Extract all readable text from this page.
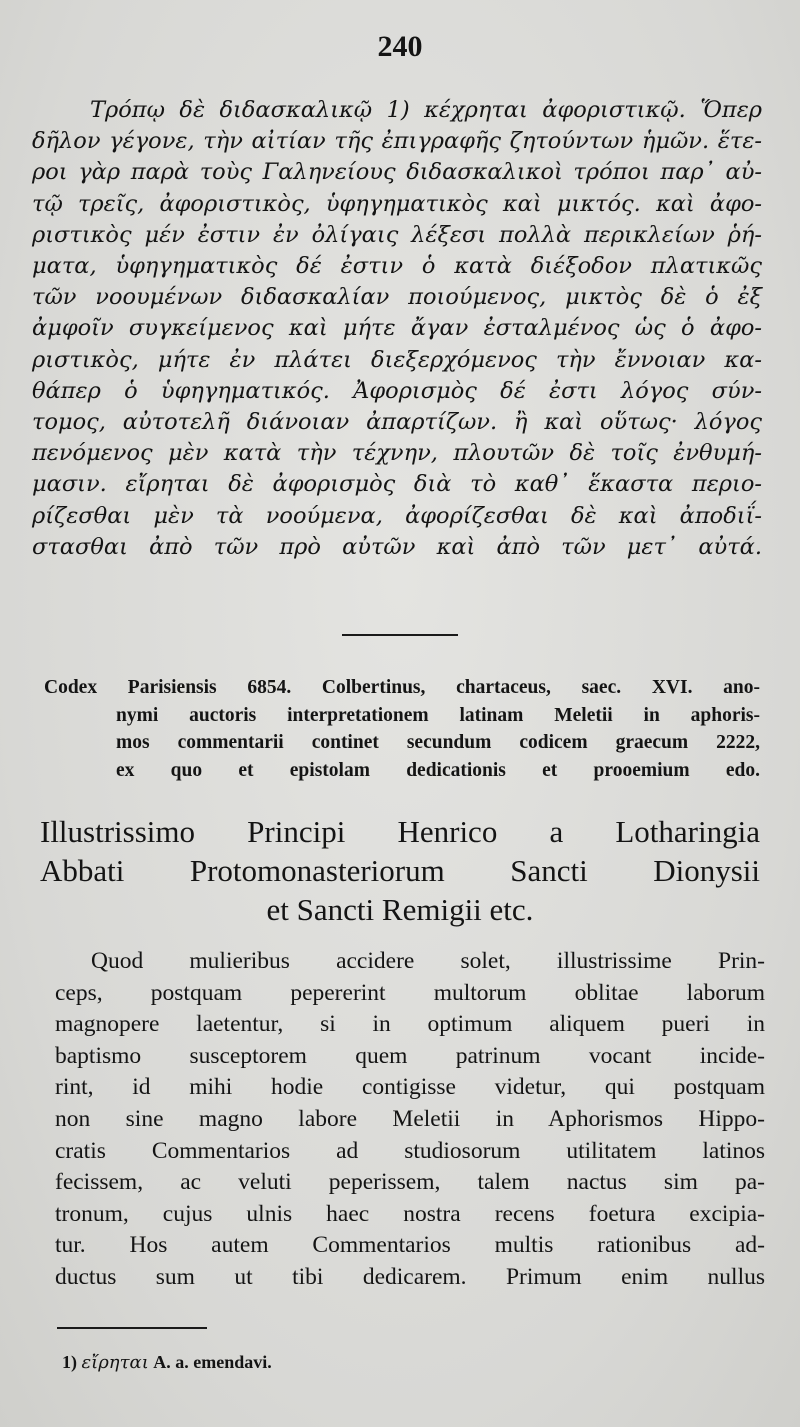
240
Τρόπῳ δὲ διδασκαλικῷ 1) κέχρηται ἀφοριστικῷ. Ὅπερ
δῆλον γέγονε, τὴν αἰτίαν τῆς ἐπιγραφῆς ζητούντων ἡμῶν. ἕτε-
ροι γὰρ παρὰ τοὺς Γαληνείους διδασκαλικοὶ τρόποι παρ᾽ αὐ-
τῷ τρεῖς, ἀφοριστικὸς, ὑφηγηματικὸς καὶ μικτός. καὶ ἀφο-
ριστικὸς μέν ἐστιν ἐν ὀλίγαις λέξεσι πολλὰ περικλείων ῥή-
ματα, ὑφηγηματικὸς δέ ἐστιν ὁ κατὰ διέξοδον πλατικῶς
τῶν νοουμένων διδασκαλίαν ποιούμενος, μικτὸς δὲ ὁ ἐξ
ἀμφοῖν συγκείμενος καὶ μήτε ἄγαν ἐσταλμένος ὡς ὁ ἀφο-
ριστικὸς, μήτε ἐν πλάτει διεξερχόμενος τὴν ἔννοιαν κα-
θάπερ ὁ ὑφηγηματικός. Ἀφορισμὸς δέ ἐστι λόγος σύν-
τομος, αὐτοτελῆ διάνοιαν ἀπαρτίζων. ἢ καὶ οὕτως· λόγος
πενόμενος μὲν κατὰ τὴν τέχνην, πλουτῶν δὲ τοῖς ἐνθυμή-
μασιν. εἴρηται δὲ ἀφορισμὸς διὰ τὸ καθ᾽ ἕκαστα περιο-
ρίζεσθαι μὲν τὰ νοούμενα, ἀφορίζεσθαι δὲ καὶ ἀποδιΐ-
στασθαι ἀπὸ τῶν πρὸ αὐτῶν καὶ ἀπὸ τῶν μετ᾽ αὐτά.
Codex Parisiensis 6854. Colbertinus, chartaceus, saec. XVI. ano-
nymi auctoris interpretationem latinam Meletii in aphoris-
mos commentarii continet secundum codicem graecum 2222,
ex quo et epistolam dedicationis et prooemium edo.
Illustrissimo Principi Henrico a Lotharingia
Abbati Protomonasteriorum Sancti Dionysii
et Sancti Remigii etc.
Quod mulieribus accidere solet, illustrissime Prin-
ceps, postquam pepererint multorum oblitae laborum
magnopere laetentur, si in optimum aliquem pueri in
baptismo susceptorem quem patrinum vocant incide-
rint, id mihi hodie contigisse videtur, qui postquam
non sine magno labore Meletii in Aphorismos Hippo-
cratis Commentarios ad studiosorum utilitatem latinos
fecissem, ac veluti peperissem, talem nactus sim pa-
tronum, cujus ulnis haec nostra recens foetura excipia-
tur. Hos autem Commentarios multis rationibus ad-
ductus sum ut tibi dedicarem. Primum enim nullus
1) εἴρηται A. a. emendavi.
